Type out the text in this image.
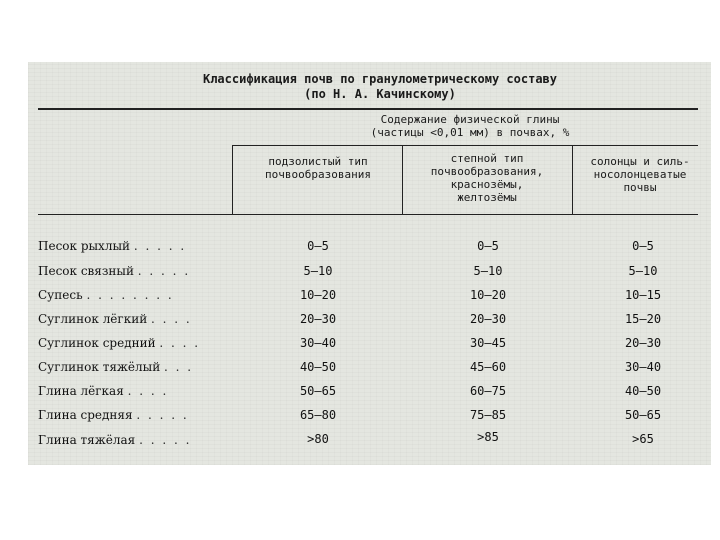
Классификация почв по гранулометрическому составу
(по Н. А. Качинскому)
Содержание физической глины
(частицы <0,01 мм) в почвах, %
подзолистый тип
почвообразования
степной тип
почвообразования,
краснозёмы,
желтозёмы
солонцы и силь-
носолонцеватые
почвы
Песок рыхлый . . . . .	0—5	0—5	0—5
Песок связный . . . . .	5—10	5—10	5—10
Супесь . . . . . . . .	10—20	10—20	10—15
Суглинок лёгкий . . . .	20—30	20—30	15—20
Суглинок средний . . . .	30—40	30—45	20—30
Суглинок тяжёлый . . .	40—50	45—60	30—40
Глина лёгкая . . . .	50—65	60—75	40—50
Глина средняя . . . . .	65—80	75—85	50—65
Глина тяжёлая . . . . .	>80	>85	>65
